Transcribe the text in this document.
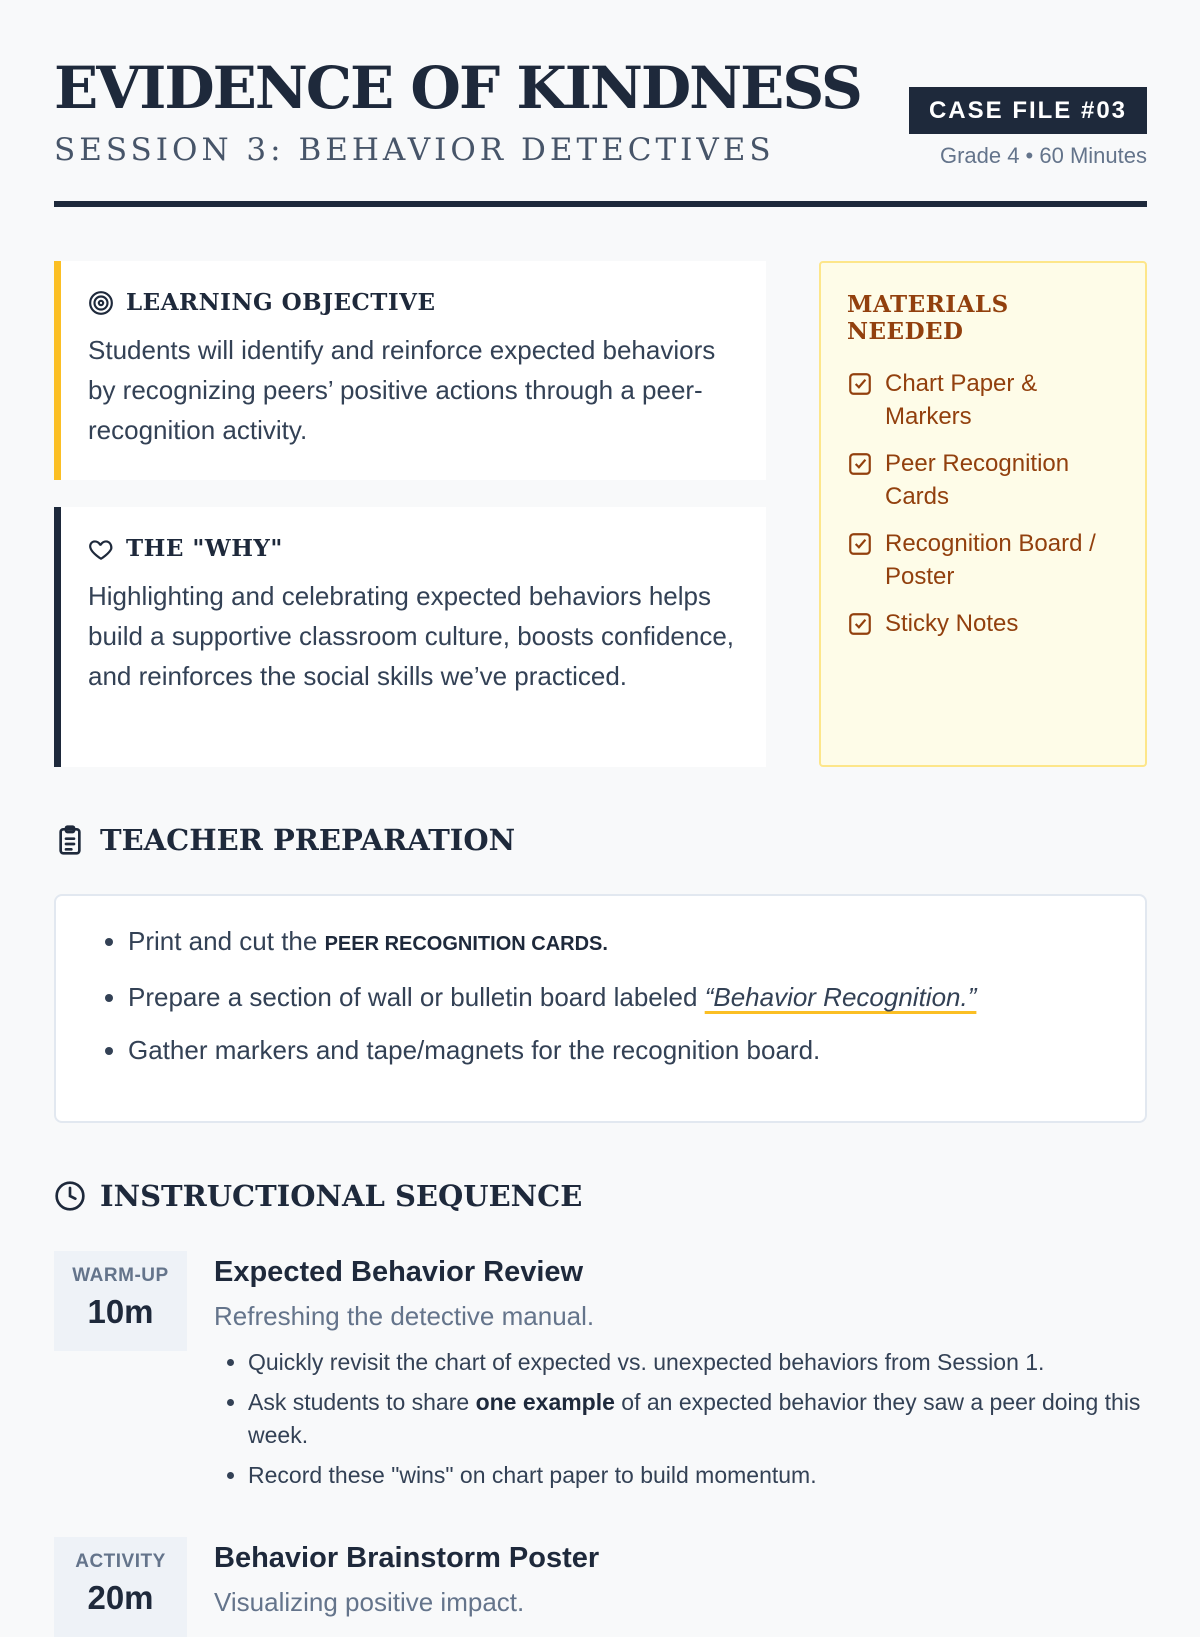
EVIDENCE OF KINDNESS
SESSION 3: BEHAVIOR DETECTIVES
CASE FILE #03
Grade 4 • 60 Minutes
LEARNING OBJECTIVE
Students will identify and reinforce expected behaviors by recognizing peers’ positive actions through a peer-recognition activity.
THE "WHY"
Highlighting and celebrating expected behaviors helps build a supportive classroom culture, boosts confidence, and reinforces the social skills we’ve practiced.
MATERIALS NEEDED
Chart Paper & Markers
Peer Recognition Cards
Recognition Board / Poster
Sticky Notes
TEACHER PREPARATION
• Print and cut the PEER RECOGNITION CARDS.
• Prepare a section of wall or bulletin board labeled “Behavior Recognition.”
• Gather markers and tape/magnets for the recognition board.
INSTRUCTIONAL SEQUENCE
WARM-UP
10m
Expected Behavior Review
Refreshing the detective manual.
• Quickly revisit the chart of expected vs. unexpected behaviors from Session 1.
• Ask students to share one example of an expected behavior they saw a peer doing this week.
• Record these "wins" on chart paper to build momentum.
ACTIVITY
20m
Behavior Brainstorm Poster
Visualizing positive impact.
